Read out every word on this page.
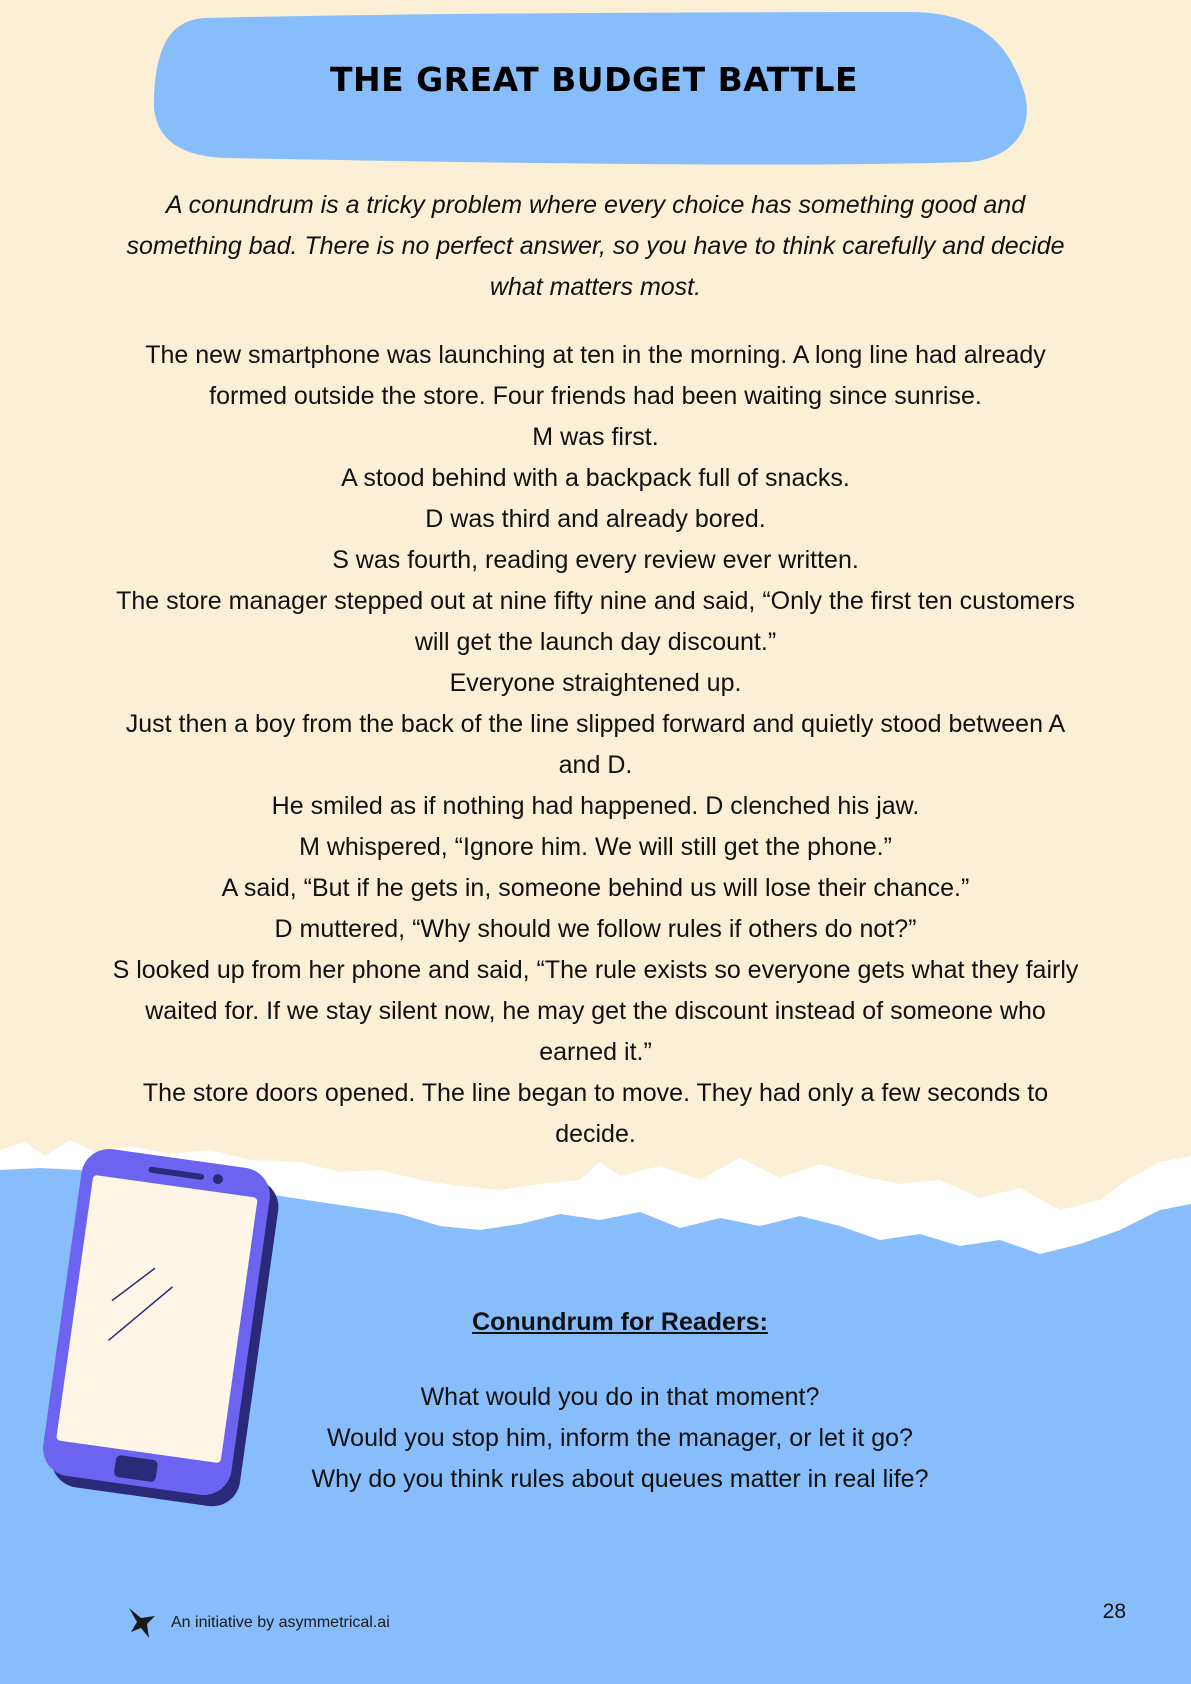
THE GREAT BUDGET BATTLE
A conundrum is a tricky problem where every choice has something good and something bad. There is no perfect answer, so you have to think carefully and decide what matters most.

The new smartphone was launching at ten in the morning. A long line had already formed outside the store. Four friends had been waiting since sunrise.

M was first.

A stood behind with a backpack full of snacks.

D was third and already bored.

S was fourth, reading every review ever written.

The store manager stepped out at nine fifty nine and said, “Only the first ten customers will get the launch day discount.”

Everyone straightened up.

Just then a boy from the back of the line slipped forward and quietly stood between A and D.

He smiled as if nothing had happened. D clenched his jaw.

M whispered, “Ignore him. We will still get the phone.”

A said, “But if he gets in, someone behind us will lose their chance.”

D muttered, “Why should we follow rules if others do not?”

S looked up from her phone and said, “The rule exists so everyone gets what they fairly waited for. If we stay silent now, he may get the discount instead of someone who earned it.”

The store doors opened. The line began to move. They had only a few seconds to decide.

Conundrum for Readers:

What would you do in that moment?

Would you stop him, inform the manager, or let it go?

Why do you think rules about queues matter in real life?

An initiative by asymmetrical.ai	28
